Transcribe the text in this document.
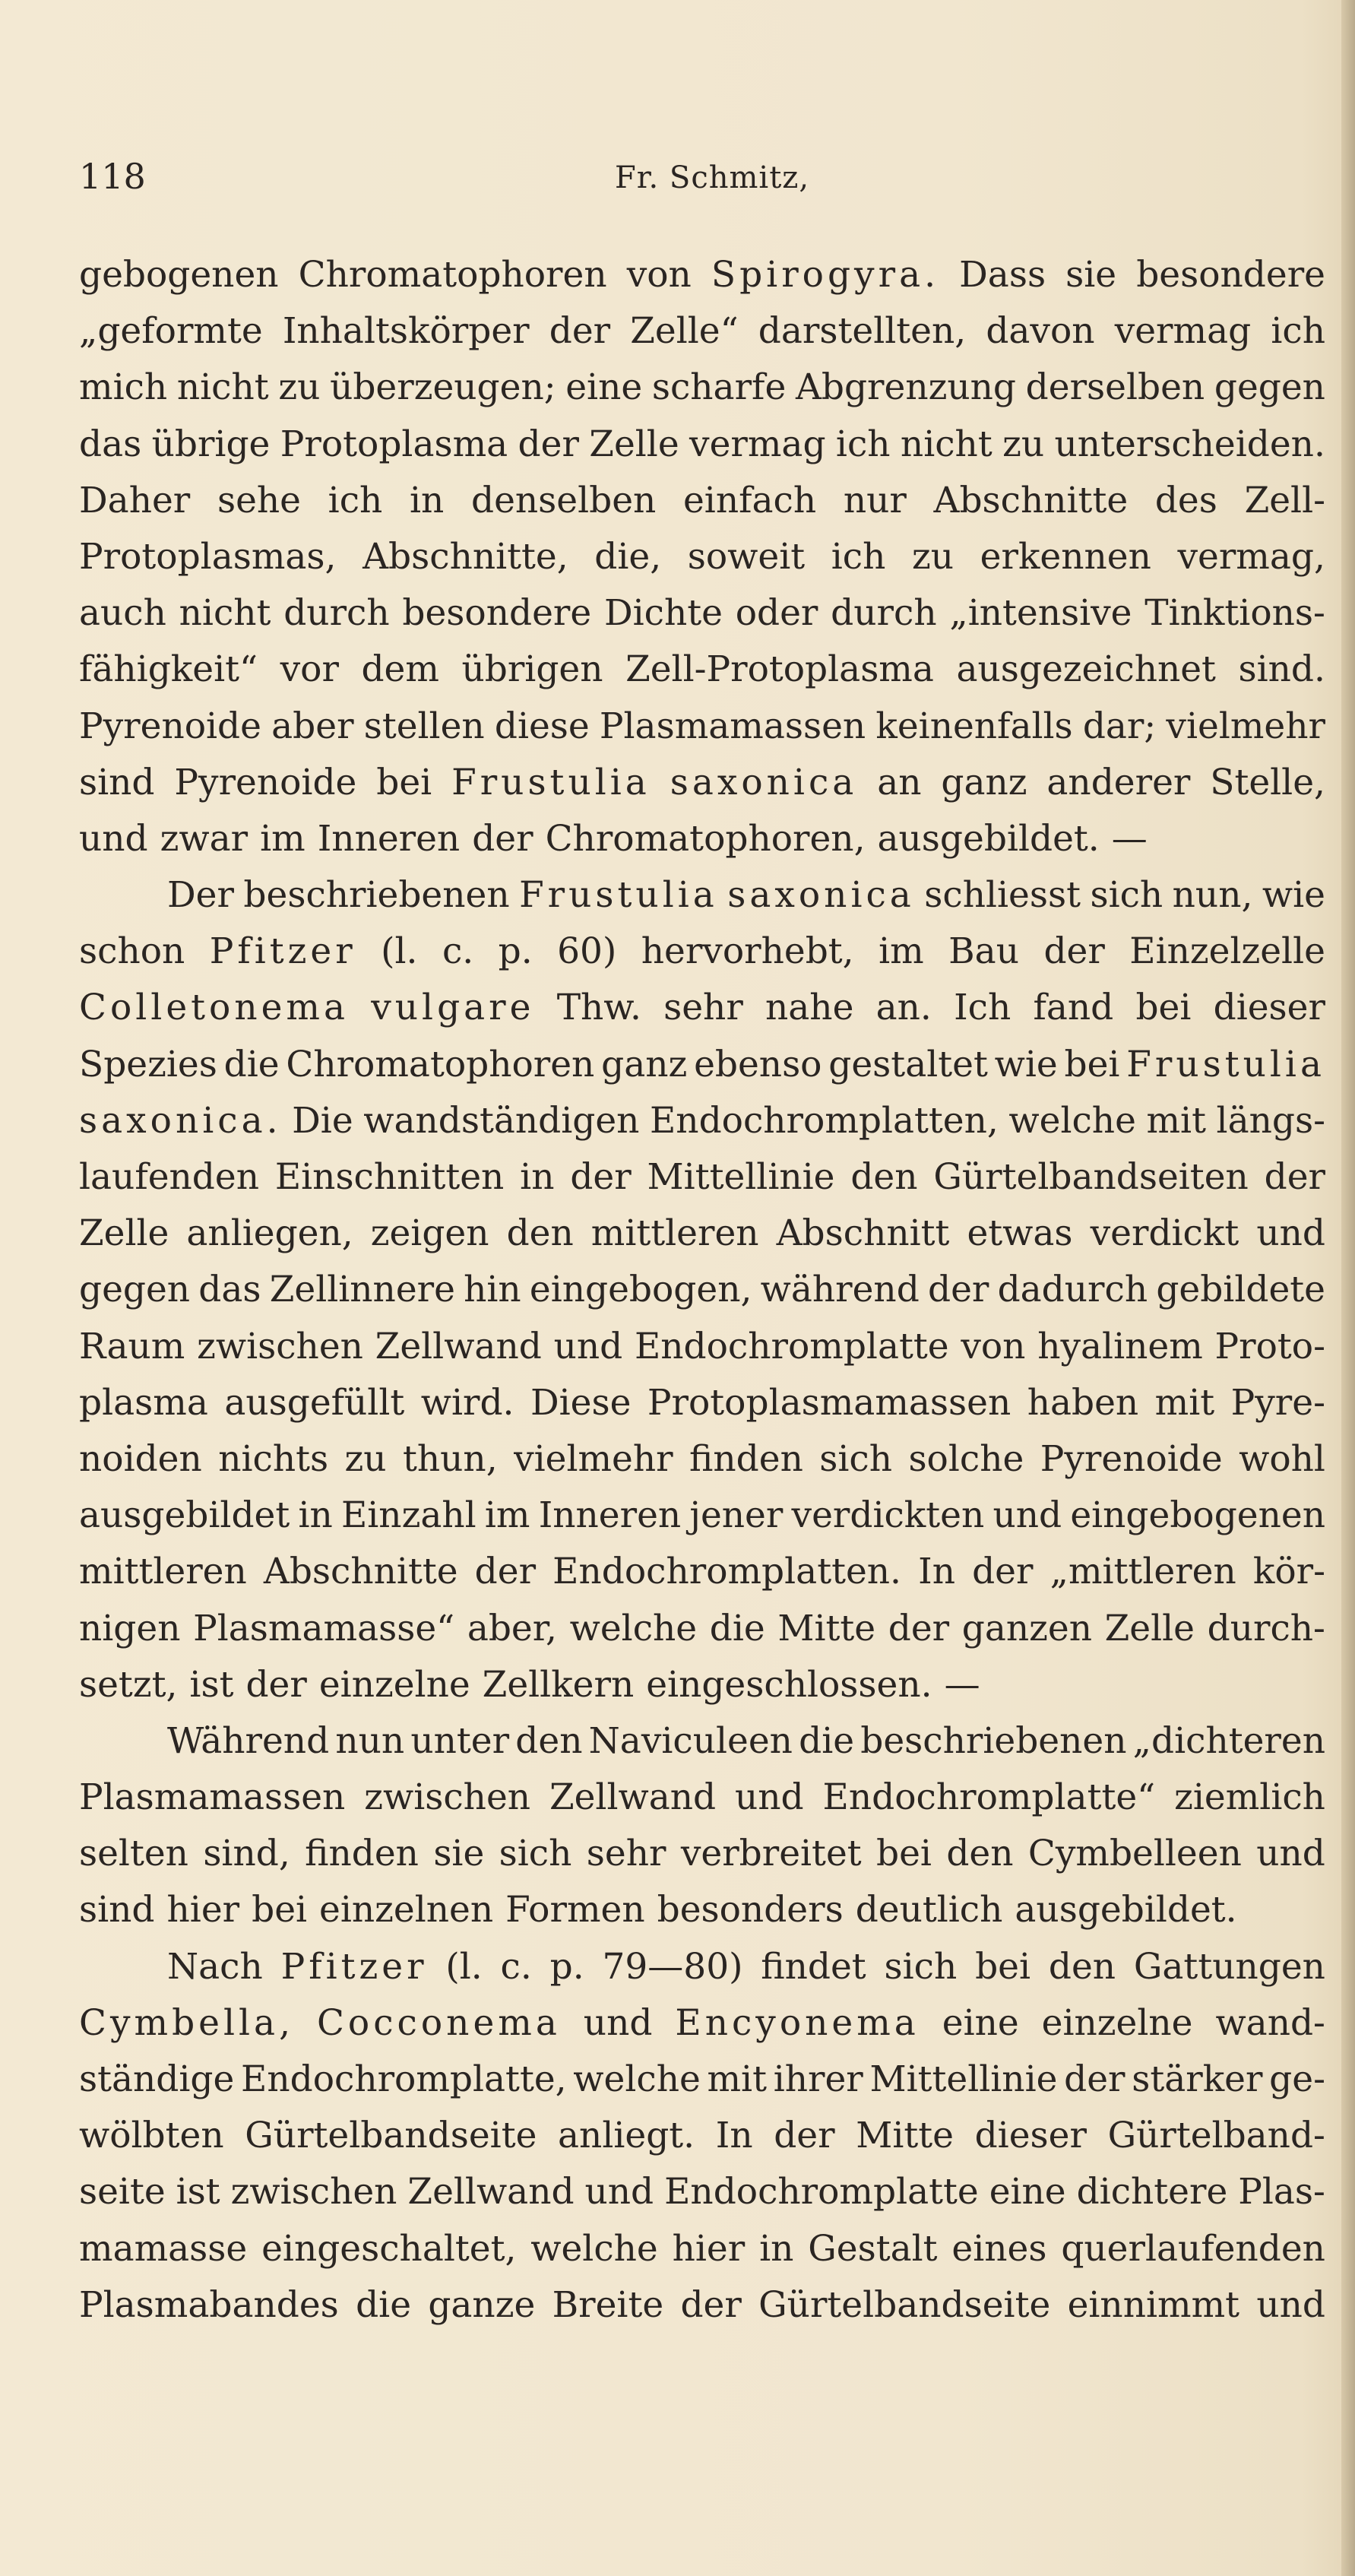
118	Fr. Schmitz,
gebogenen Chromatophoren von Spirogyra. Dass sie besondere
„geformte Inhaltskörper der Zelle“ darstellten, davon vermag ich
mich nicht zu überzeugen; eine scharfe Abgrenzung derselben gegen
das übrige Protoplasma der Zelle vermag ich nicht zu unterscheiden.
Daher sehe ich in denselben einfach nur Abschnitte des Zell-
Protoplasmas, Abschnitte, die, soweit ich zu erkennen vermag,
auch nicht durch besondere Dichte oder durch „intensive Tinktions-
fähigkeit“ vor dem übrigen Zell-Protoplasma ausgezeichnet sind.
Pyrenoide aber stellen diese Plasmamassen keinenfalls dar; vielmehr
sind Pyrenoide bei Frustulia saxonica an ganz anderer Stelle,
und zwar im Inneren der Chromatophoren, ausgebildet. —
Der beschriebenen Frustulia saxonica schliesst sich nun, wie
schon Pfitzer (l. c. p. 60) hervorhebt, im Bau der Einzelzelle
Colletonema vulgare Thw. sehr nahe an. Ich fand bei dieser
Spezies die Chromatophoren ganz ebenso gestaltet wie bei Frustulia
saxonica. Die wandständigen Endochromplatten, welche mit längs-
laufenden Einschnitten in der Mittellinie den Gürtelbandseiten der
Zelle anliegen, zeigen den mittleren Abschnitt etwas verdickt und
gegen das Zellinnere hin eingebogen, während der dadurch gebildete
Raum zwischen Zellwand und Endochromplatte von hyalinem Proto-
plasma ausgefüllt wird. Diese Protoplasmamassen haben mit Pyre-
noiden nichts zu thun, vielmehr finden sich solche Pyrenoide wohl
ausgebildet in Einzahl im Inneren jener verdickten und eingebogenen
mittleren Abschnitte der Endochromplatten. In der „mittleren kör-
nigen Plasmamasse“ aber, welche die Mitte der ganzen Zelle durch-
setzt, ist der einzelne Zellkern eingeschlossen. —
Während nun unter den Naviculeen die beschriebenen „dichteren
Plasmamassen zwischen Zellwand und Endochromplatte“ ziemlich
selten sind, finden sie sich sehr verbreitet bei den Cymbelleen und
sind hier bei einzelnen Formen besonders deutlich ausgebildet.
Nach Pfitzer (l. c. p. 79—80) findet sich bei den Gattungen
Cymbella, Cocconema und Encyonema eine einzelne wand-
ständige Endochromplatte, welche mit ihrer Mittellinie der stärker ge-
wölbten Gürtelbandseite anliegt. In der Mitte dieser Gürtelband-
seite ist zwischen Zellwand und Endochromplatte eine dichtere Plas-
mamasse eingeschaltet, welche hier in Gestalt eines querlaufenden
Plasmabandes die ganze Breite der Gürtelbandseite einnimmt und
